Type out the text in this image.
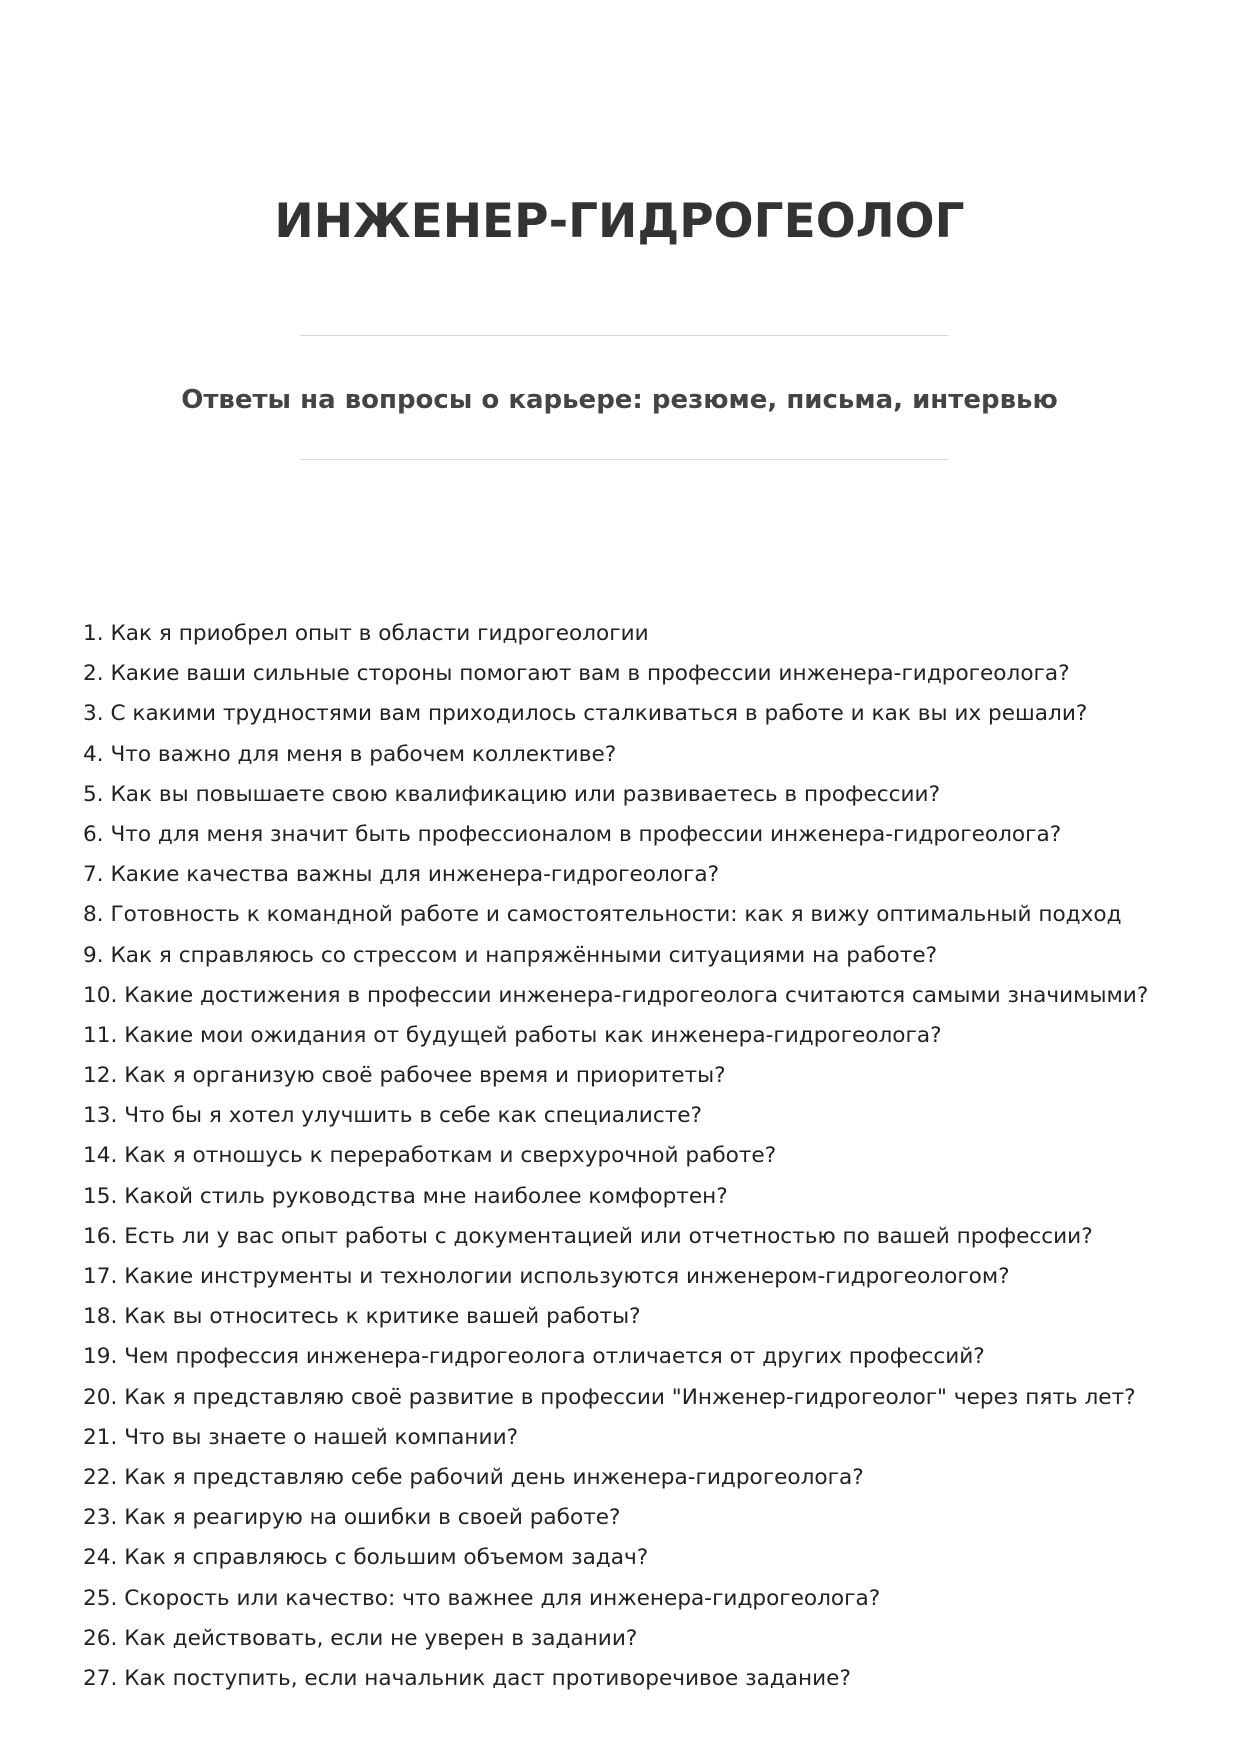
ИНЖЕНЕР-ГИДРОГЕОЛОГ
Ответы на вопросы о карьере: резюме, письма, интервью
1. Как я приобрел опыт в области гидрогеологии
2. Какие ваши сильные стороны помогают вам в профессии инженера-гидрогеолога?
3. С какими трудностями вам приходилось сталкиваться в работе и как вы их решали?
4. Что важно для меня в рабочем коллективе?
5. Как вы повышаете свою квалификацию или развиваетесь в профессии?
6. Что для меня значит быть профессионалом в профессии инженера-гидрогеолога?
7. Какие качества важны для инженера-гидрогеолога?
8. Готовность к командной работе и самостоятельности: как я вижу оптимальный подход
9. Как я справляюсь со стрессом и напряжёнными ситуациями на работе?
10. Какие достижения в профессии инженера-гидрогеолога считаются самыми значимыми?
11. Какие мои ожидания от будущей работы как инженера-гидрогеолога?
12. Как я организую своё рабочее время и приоритеты?
13. Что бы я хотел улучшить в себе как специалисте?
14. Как я отношусь к переработкам и сверхурочной работе?
15. Какой стиль руководства мне наиболее комфортен?
16. Есть ли у вас опыт работы с документацией или отчетностью по вашей профессии?
17. Какие инструменты и технологии используются инженером-гидрогеологом?
18. Как вы относитесь к критике вашей работы?
19. Чем профессия инженера-гидрогеолога отличается от других профессий?
20. Как я представляю своё развитие в профессии "Инженер-гидрогеолог" через пять лет?
21. Что вы знаете о нашей компании?
22. Как я представляю себе рабочий день инженера-гидрогеолога?
23. Как я реагирую на ошибки в своей работе?
24. Как я справляюсь с большим объемом задач?
25. Скорость или качество: что важнее для инженера-гидрогеолога?
26. Как действовать, если не уверен в задании?
27. Как поступить, если начальник даст противоречивое задание?
